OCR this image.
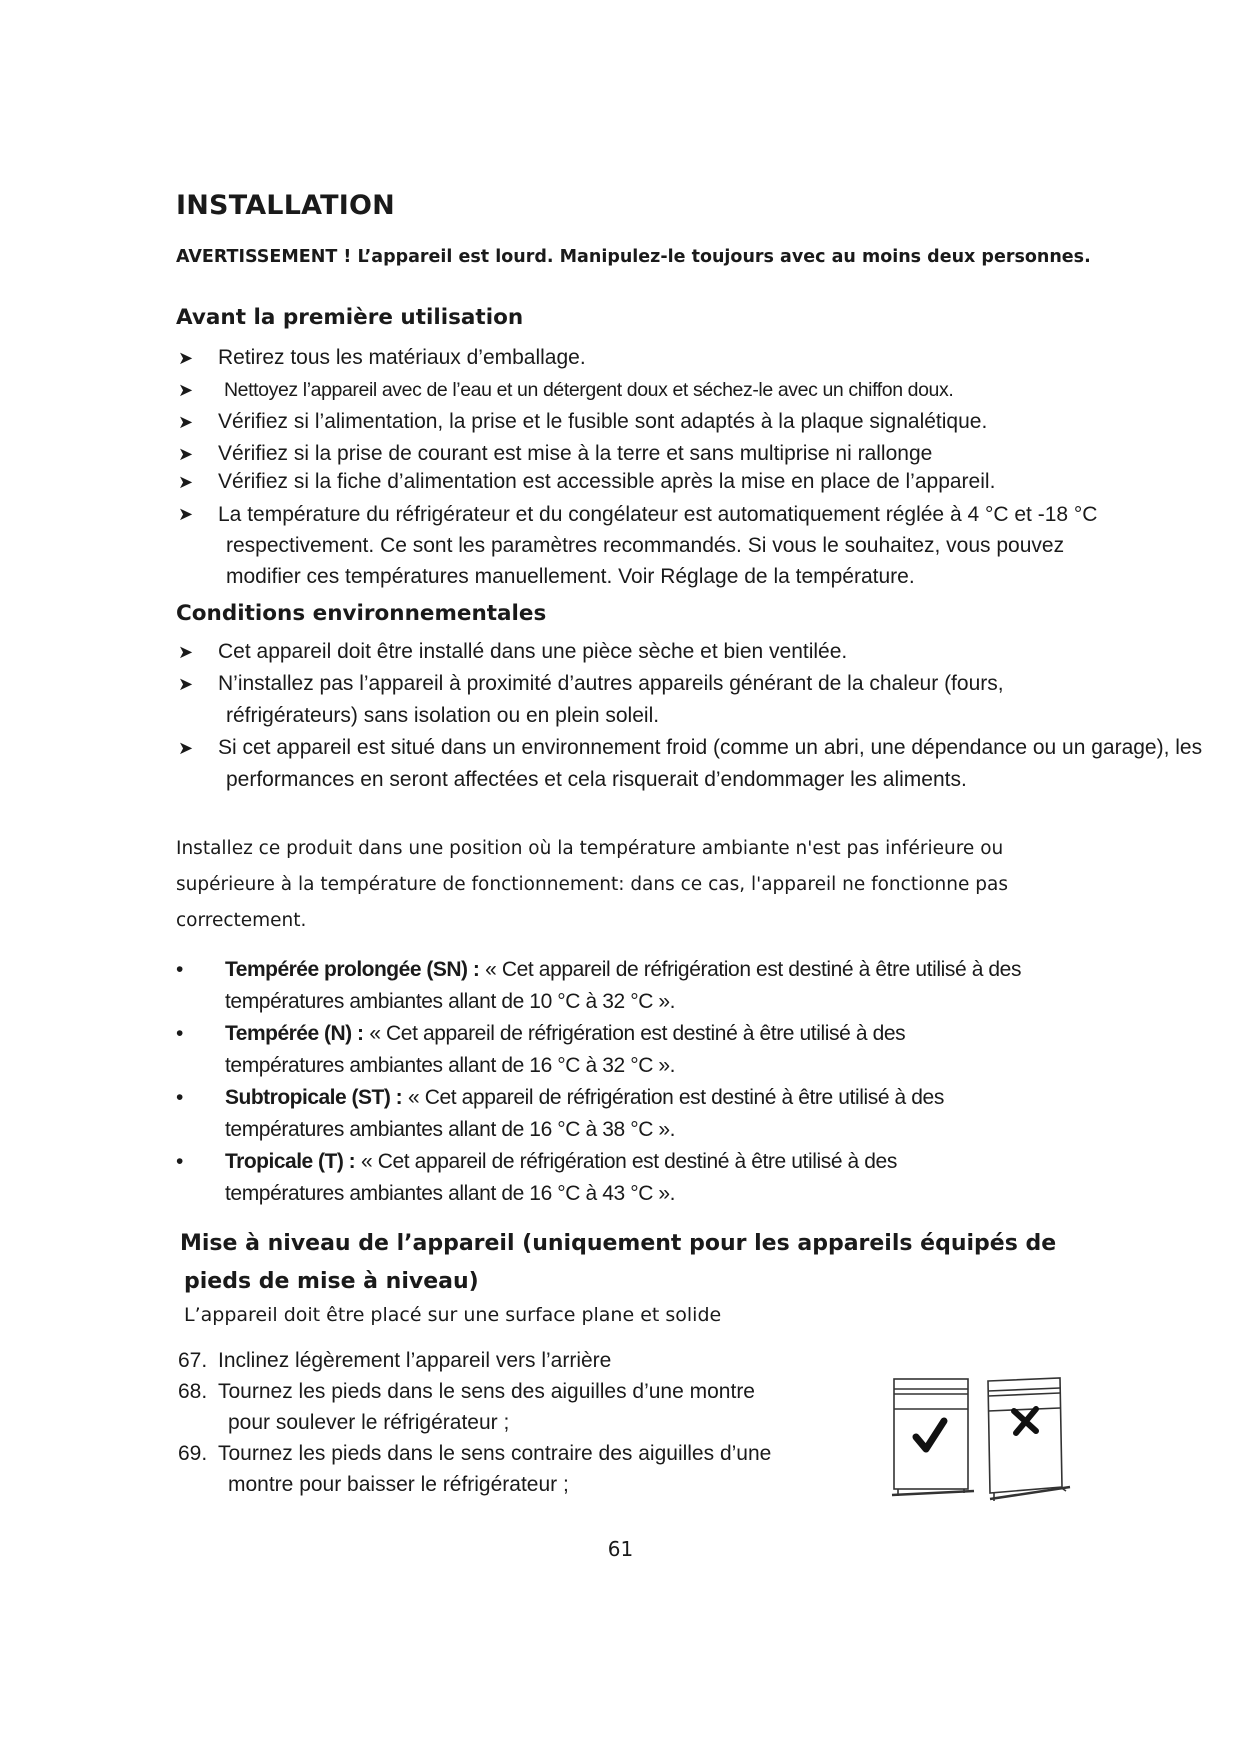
INSTALLATION

AVERTISSEMENT ! L’appareil est lourd. Manipulez-le toujours avec au moins deux personnes.

Avant la première utilisation
➤ Retirez tous les matériaux d’emballage.
➤ Nettoyez l’appareil avec de l’eau et un détergent doux et séchez-le avec un chiffon doux.
➤ Vérifiez si l’alimentation, la prise et le fusible sont adaptés à la plaque signalétique.
➤ Vérifiez si la prise de courant est mise à la terre et sans multiprise ni rallonge
➤ Vérifiez si la fiche d’alimentation est accessible après la mise en place de l’appareil.
➤ La température du réfrigérateur et du congélateur est automatiquement réglée à 4 °C et -18 °C respectivement. Ce sont les paramètres recommandés. Si vous le souhaitez, vous pouvez modifier ces températures manuellement. Voir Réglage de la température.
Conditions environnementales
➤ Cet appareil doit être installé dans une pièce sèche et bien ventilée.
➤ N’installez pas l’appareil à proximité d’autres appareils générant de la chaleur (fours, réfrigérateurs) sans isolation ou en plein soleil.
➤ Si cet appareil est situé dans un environnement froid (comme un abri, une dépendance ou un garage), les performances en seront affectées et cela risquerait d’endommager les aliments.

Installez ce produit dans une position où la température ambiante n'est pas inférieure ou supérieure à la température de fonctionnement: dans ce cas, l'appareil ne fonctionne pas correctement.

• Tempérée prolongée (SN) : « Cet appareil de réfrigération est destiné à être utilisé à des températures ambiantes allant de 10 °C à 32 °C ».
• Tempérée (N) : « Cet appareil de réfrigération est destiné à être utilisé à des températures ambiantes allant de 16 °C à 32 °C ».
• Subtropicale (ST) : « Cet appareil de réfrigération est destiné à être utilisé à des températures ambiantes allant de 16 °C à 38 °C ».
• Tropicale (T) : « Cet appareil de réfrigération est destiné à être utilisé à des températures ambiantes allant de 16 °C à 43 °C ».
Mise à niveau de l’appareil (uniquement pour les appareils équipés de
pieds de mise à niveau)

L’appareil doit être placé sur une surface plane et solide

67. Inclinez légèrement l’appareil vers l’arrière
68. Tournez les pieds dans le sens des aiguilles d’une montre
pour soulever le réfrigérateur ;
69. Tournez les pieds dans le sens contraire des aiguilles d’une
montre pour baisser le réfrigérateur ;
61
